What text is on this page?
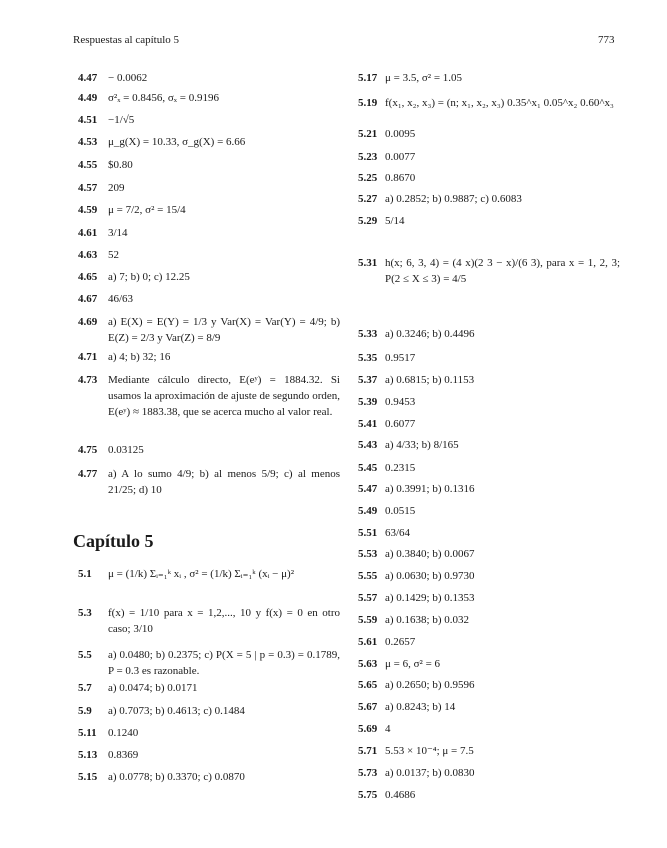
Respuestas al capítulo 5	773
4.47 − 0.0062
4.49 σ²ₓ = 0.8456, σₓ = 0.9196
4.51 −1/√5
4.53 μ_g(X) = 10.33, σ_g(X) = 6.66
4.55 $0.80
4.57 209
4.59 μ = 7/2, σ² = 15/4
4.61 3/14
4.63 52
4.65 a) 7; b) 0; c) 12.25
4.67 46/63
4.69 a) E(X) = E(Y) = 1/3 y Var(X) = Var(Y) = 4/9; b) E(Z) = 2/3 y Var(Z) = 8/9
4.71 a) 4; b) 32; 16
4.73 Mediante cálculo directo, E(eʸ) = 1884.32. Si usamos la aproximación de ajuste de segundo orden, E(eʸ) ≈ 1883.38, que se acerca mucho al valor real.
4.75 0.03125
4.77 a) A lo sumo 4/9; b) al menos 5/9; c) al menos 21/25; d) 10
Capítulo 5
5.1	μ = (1/k) Σᵢ₌₁ᵏ xᵢ , σ² = (1/k) Σᵢ₌₁ᵏ (xᵢ − μ)²
5.3	f(x) = 1/10 para x = 1,2,..., 10 y f(x) = 0 en otro caso; 3/10
5.5	a) 0.0480; b) 0.2375; c) P(X = 5 | p = 0.3) = 0.1789, P = 0.3 es razonable.
5.7	a) 0.0474; b) 0.0171
5.9	a) 0.7073; b) 0.4613; c) 0.1484
5.11	0.1240
5.13 0.8369
5.15 a) 0.0778; b) 0.3370; c) 0.0870
5.17 μ = 3.5, σ² = 1.05
5.19 f(x₁, x₂, x₃) = (n; x₁, x₂, x₃) 0.35^x₁ 0.05^x₂ 0.60^x₃
5.21 0.0095
5.23 0.0077
5.25 0.8670
5.27 a) 0.2852; b) 0.9887; c) 0.6083
5.29 5/14
5.31 h(x; 6, 3, 4) = (4 x)(2 3 − x)/(6 3), para x = 1, 2, 3; P(2 ≤ X ≤ 3) = 4/5
5.33 a) 0.3246; b) 0.4496
5.35 0.9517
5.37 a) 0.6815; b) 0.1153
5.39 0.9453
5.41 0.6077
5.43 a) 4/33; b) 8/165
5.45 0.2315
5.47 a) 0.3991; b) 0.1316
5.49 0.0515
5.51 63/64
5.53 a) 0.3840; b) 0.0067
5.55 a) 0.0630; b) 0.9730
5.57 a) 0.1429; b) 0.1353
5.59 a) 0.1638; b) 0.032
5.61 0.2657
5.63 μ = 6, σ² = 6
5.65 a) 0.2650; b) 0.9596
5.67 a) 0.8243; b) 14
5.69 4
5.71 5.53 × 10⁻⁴; μ = 7.5
5.73 a) 0.0137; b) 0.0830
5.75 0.4686
